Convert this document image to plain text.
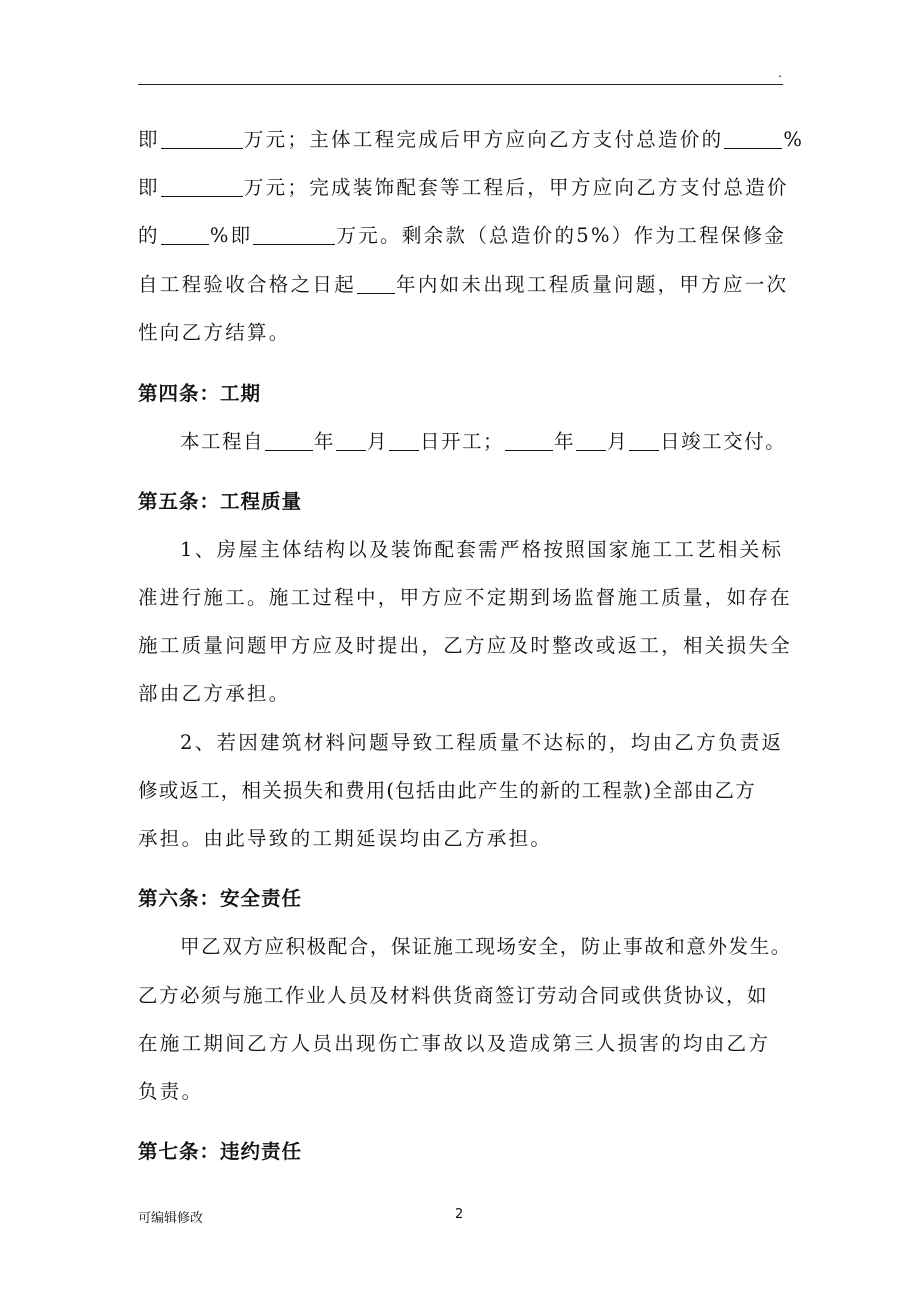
.
即	万元；主体工程完成后甲方应向乙方支付总造价的	%
即	万元；完成装饰配套等工程后，甲方应向乙方支付总造价
的	%即	万元。剩余款（总造价的5%）作为工程保修金
自工程验收合格之日起 年内如未出现工程质量问题，甲方应一次
性向乙方结算。
第四条：工期
本工程自	年 月 日开工；	年 月 日竣工交付。
第五条：工程质量
1、房屋主体结构以及装饰配套需严格按照国家施工工艺相关标
准进行施工。施工过程中，甲方应不定期到场监督施工质量，如存在
施工质量问题甲方应及时提出，乙方应及时整改或返工，相关损失全
部由乙方承担。
2、若因建筑材料问题导致工程质量不达标的，均由乙方负责返
修或返工，相关损失和费用(包括由此产生的新的工程款)全部由乙方
承担。由此导致的工期延误均由乙方承担。
第六条：安全责任
甲乙双方应积极配合，保证施工现场安全，防止事故和意外发生。
乙方必须与施工作业人员及材料供货商签订劳动合同或供货协议，如
在施工期间乙方人员出现伤亡事故以及造成第三人损害的均由乙方
负责。
第七条：违约责任
可编辑修改	2
